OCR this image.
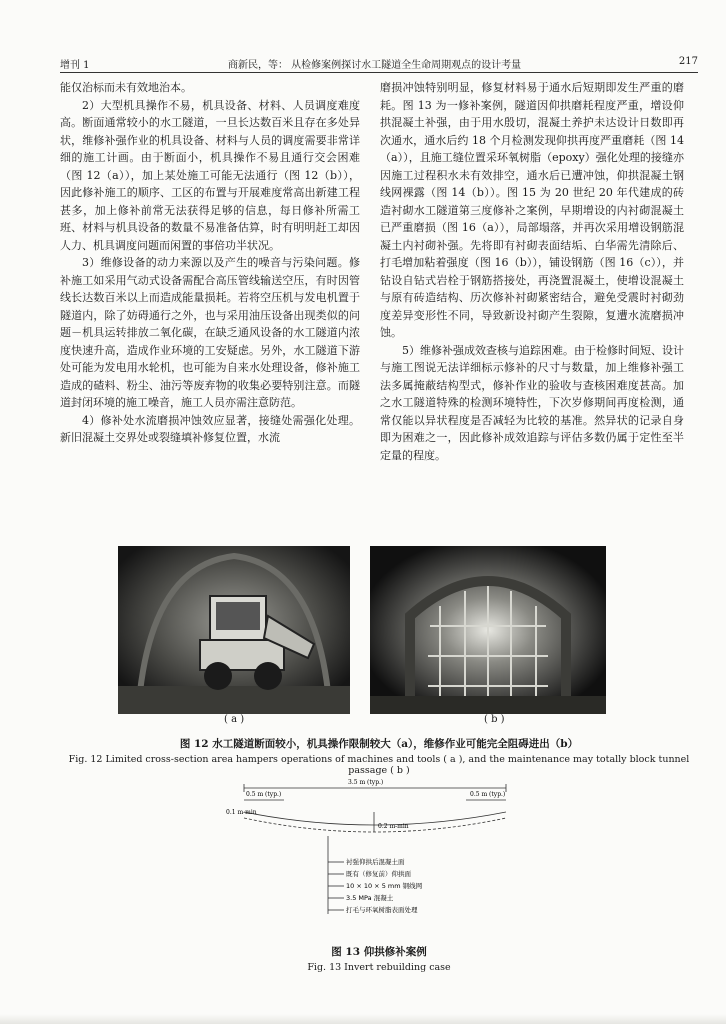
增刊 1	商新民，等： 从检修案例探讨水工隧道全生命周期观点的设计考量	217

能仅治标而未有效地治本。

2）大型机具操作不易，机具设备、材料、人员调度难度高。断面通常较小的水工隧道，一旦长达数百米且存在多处异状，维修补强作业的机具设备、材料与人员的调度需要非常详细的施工计画。由于断面小，机具操作不易且通行交会困难（图 12（a）），加上某处施工可能无法通行（图 12（b）），因此修补施工的顺序、工区的布置与开展难度常高出新建工程甚多，加上修补前常无法获得足够的信息，每日修补所需工班、材料与机具设备的数量不易准备估算，时有明明赶工却因人力、机具调度问题而闲置的事倍功半状况。

3）维修设备的动力来源以及产生的噪音与污染问题。修补施工如采用气动式设备需配合高压管线输送空压，有时因管线长达数百米以上而造成能量损耗。若将空压机与发电机置于隧道内，除了妨碍通行之外，也与采用油压设备出现类似的问题－机具运转排放二氧化碳，在缺乏通风设备的水工隧道内浓度快速升高，造成作业环境的工安疑虑。另外，水工隧道下游处可能为发电用水轮机，也可能为自来水处理设备，修补施工造成的碴料、粉尘、油污等废弃物的收集必要特别注意。而隧道封闭环境的施工噪音，施工人员亦需注意防范。

4）修补处水流磨损冲蚀效应显著，接缝处需强化处理。新旧混凝土交界处或裂缝填补修复位置，水流

磨损冲蚀特别明显，修复材料易于通水后短期即发生严重的磨耗。图 13 为一修补案例，隧道因仰拱磨耗程度严重，增设仰拱混凝土补强，由于用水殷切，混凝土养护未达设计日数即再次通水，通水后约 18 个月检测发现仰拱再度严重磨耗（图 14（a）），且施工缝位置采环氧树脂（epoxy）强化处理的接缝亦因施工过程积水未有效排空，通水后已遭冲蚀，仰拱混凝土钢线网裸露（图 14（b））。图 15 为 20 世纪 20 年代建成的砖造衬砌水工隧道第三度修补之案例，早期增设的内衬砌混凝土已严重磨损（图 16（a）），局部塌落，并再次采用增设钢筋混凝土内衬砌补强。先将即有衬砌表面结垢、白华需先清除后、打毛增加粘着强度（图 16（b）），铺设钢筋（图 16（c）），并钻设自钻式岩栓于钢筋搭接处，再浇置混凝土，使增设混凝土与原有砖造结构、历次修补衬砌紧密结合，避免受震时衬砌劲度差异变形性不同，导致新设衬砌产生裂隙，复遭水流磨损冲蚀。

5）维修补强成效查核与追踪困难。由于检修时间短、设计与施工图说无法详细标示修补的尺寸与数量，加上维修补强工法多属掩蔽结构型式，修补作业的验收与查核困难度甚高。加之水工隧道特殊的检测环境特性，下次岁修期间再度检测，通常仅能以异状程度是否减轻为比较的基准。然异状的记录自身即为困难之一，因此修补成效追踪与评估多数仍属于定性至半定量的程度。

( a )	( b )
图 12 水工隧道断面较小，机具操作限制较大（a），维修作业可能完全阻碍进出（b）
Fig. 12 Limited cross-section area hampers operations of machines and tools ( a ), and the maintenance may totally block tunnel passage ( b )
3.5 m (typ.)
0.5 m (typ.)	0.5 m (typ.)
0.1 m-min
0.2 m-min
衬强仰拱后混凝土面
既有（修复前）仰拱面
10 × 10 × 5 mm 钢线网
3.5 MPa 混凝土
打毛与环氧树脂表面处理
图 13 仰拱修补案例
Fig. 13 Invert rebuilding case
